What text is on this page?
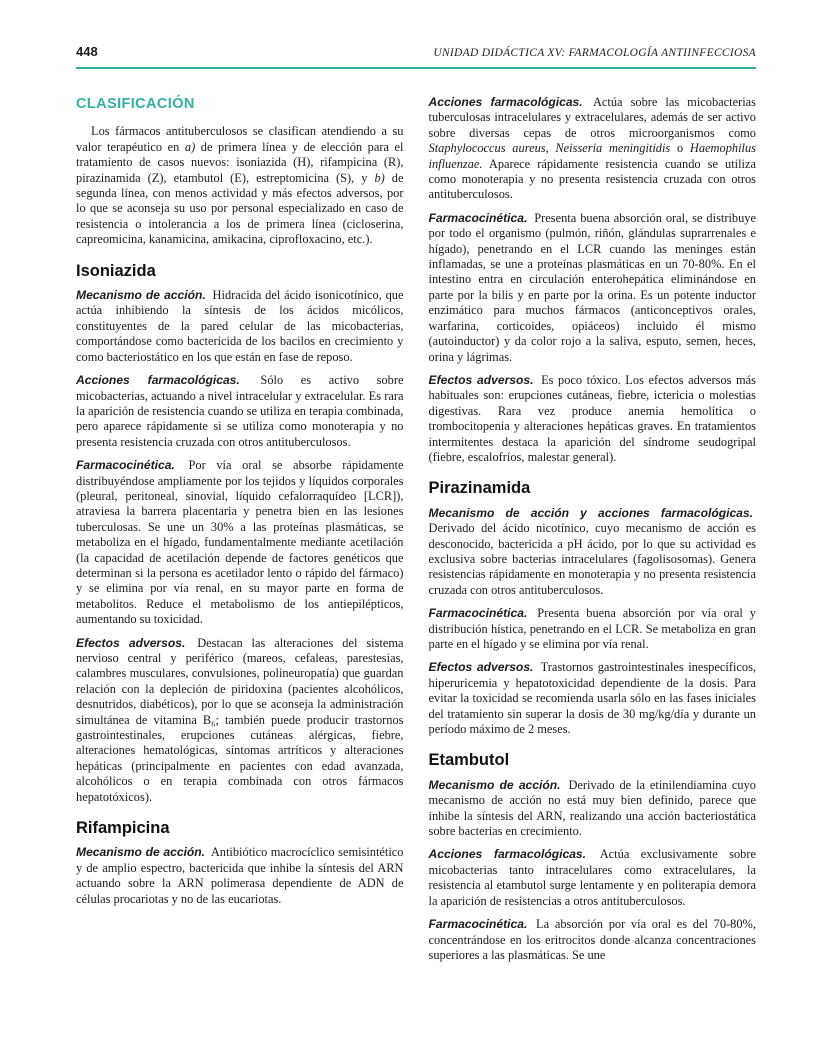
448	UNIDAD DIDÁCTICA XV: FARMACOLOGÍA ANTIINFECCIOSA
CLASIFICACIÓN

Los fármacos antituberculosos se clasifican atendiendo a su valor terapéutico en a) de primera línea y de elección para el tratamiento de casos nuevos: isoniazida (H), rifampicina (R), pirazinamida (Z), etambutol (E), estreptomicina (S), y b) de segunda línea, con menos actividad y más efectos adversos, por lo que se aconseja su uso por personal especializado en caso de resistencia o intolerancia a los de primera línea (cicloserina, capreomicina, kanamicina, amikacina, ciprofloxacino, etc.).

Isoniazida

Mecanismo de acción. Hidracida del ácido isonicotínico, que actúa inhibiendo la síntesis de los ácidos micólicos, constituyentes de la pared celular de las micobacterias, comportándose como bactericida de los bacilos en crecimiento y como bacteriostático en los que están en fase de reposo.

Acciones farmacológicas. Sólo es activo sobre micobacterias, actuando a nivel intracelular y extracelular. Es rara la aparición de resistencia cuando se utiliza en terapia combinada, pero aparece rápidamente si se utiliza como monoterapia y no presenta resistencia cruzada con otros antituberculosos.

Farmacocinética. Por vía oral se absorbe rápidamente distribuyéndose ampliamente por los tejidos y líquidos corporales (pleural, peritoneal, sinovial, líquido cefalorraquídeo [LCR]), atraviesa la barrera placentaria y penetra bien en las lesiones tuberculosas. Se une un 30% a las proteínas plasmáticas, se metaboliza en el hígado, fundamentalmente mediante acetilación (la capacidad de acetilación depende de factores genéticos que determinan si la persona es acetilador lento o rápido del fármaco) y se elimina por vía renal, en su mayor parte en forma de metabolitos. Reduce el metabolismo de los antiepilépticos, aumentando su toxicidad.

Efectos adversos. Destacan las alteraciones del sistema nervioso central y periférico (mareos, cefaleas, parestesias, calambres musculares, convulsiones, polineuropatía) que guardan relación con la depleción de piridoxina (pacientes alcohólicos, desnutridos, diabéticos), por lo que se aconseja la administración simultánea de vitamina B₆; también puede producir trastornos gastrointestinales, erupciones cutáneas alérgicas, fiebre, alteraciones hematológicas, síntomas artríticos y alteraciones hepáticas (principalmente en pacientes con edad avanzada, alcohólicos o en terapia combinada con otros fármacos hepatotóxicos).

Rifampicina

Mecanismo de acción. Antibiótico macrocíclico semisintético y de amplio espectro, bactericida que inhibe la síntesis del ARN actuando sobre la ARN polimerasa dependiente de ADN de células procariotas y no de las eucariotas.

Acciones farmacológicas. Actúa sobre las micobacterias tuberculosas intracelulares y extracelulares, además de ser activo sobre diversas cepas de otros microorganismos como Staphylococcus aureus, Neisseria meningitidis o Haemophilus influenzae. Aparece rápidamente resistencia cuando se utiliza como monoterapia y no presenta resistencia cruzada con otros antituberculosos.

Farmacocinética. Presenta buena absorción oral, se distribuye por todo el organismo (pulmón, riñón, glándulas suprarrenales e hígado), penetrando en el LCR cuando las meninges están inflamadas, se une a proteínas plasmáticas en un 70-80%. En el intestino entra en circulación enterohepática eliminándose en parte por la bilis y en parte por la orina. Es un potente inductor enzimático para muchos fármacos (anticonceptivos orales, warfarina, corticoides, opiáceos) incluido él mismo (autoinductor) y da color rojo a la saliva, esputo, semen, heces, orina y lágrimas.

Efectos adversos. Es poco tóxico. Los efectos adversos más habituales son: erupciones cutáneas, fiebre, ictericia o molestias digestivas. Rara vez produce anemia hemolítica o trombocitopenia y alteraciones hepáticas graves. En tratamientos intermitentes destaca la aparición del síndrome seudogripal (fiebre, escalofríos, malestar general).

Pirazinamida

Mecanismo de acción y acciones farmacológicas. Derivado del ácido nicotínico, cuyo mecanismo de acción es desconocido, bactericida a pH ácido, por lo que su actividad es exclusiva sobre bacterias intracelulares (fagolisosomas). Genera resistencias rápidamente en monoterapia y no presenta resistencia cruzada con otros antituberculosos.

Farmacocinética. Presenta buena absorción por vía oral y distribución hística, penetrando en el LCR. Se metaboliza en gran parte en el hígado y se elimina por vía renal.

Efectos adversos. Trastornos gastrointestinales inespecíficos, hiperuricemia y hepatotoxicidad dependiente de la dosis. Para evitar la toxicidad se recomienda usarla sólo en las fases iniciales del tratamiento sin superar la dosis de 30 mg/kg/día y durante un período máximo de 2 meses.

Etambutol

Mecanismo de acción. Derivado de la etinilendiamina cuyo mecanismo de acción no está muy bien definido, parece que inhibe la síntesis del ARN, realizando una acción bacteriostática sobre bacterias en crecimiento.

Acciones farmacológicas. Actúa exclusivamente sobre micobacterias tanto intracelulares como extracelulares, la resistencia al etambutol surge lentamente y en politerapia demora la aparición de resistencias a otros antituberculosos.

Farmacocinética. La absorción por vía oral es del 70-80%, concentrándose en los eritrocitos donde alcanza concentraciones superiores a las plasmáticas. Se une
